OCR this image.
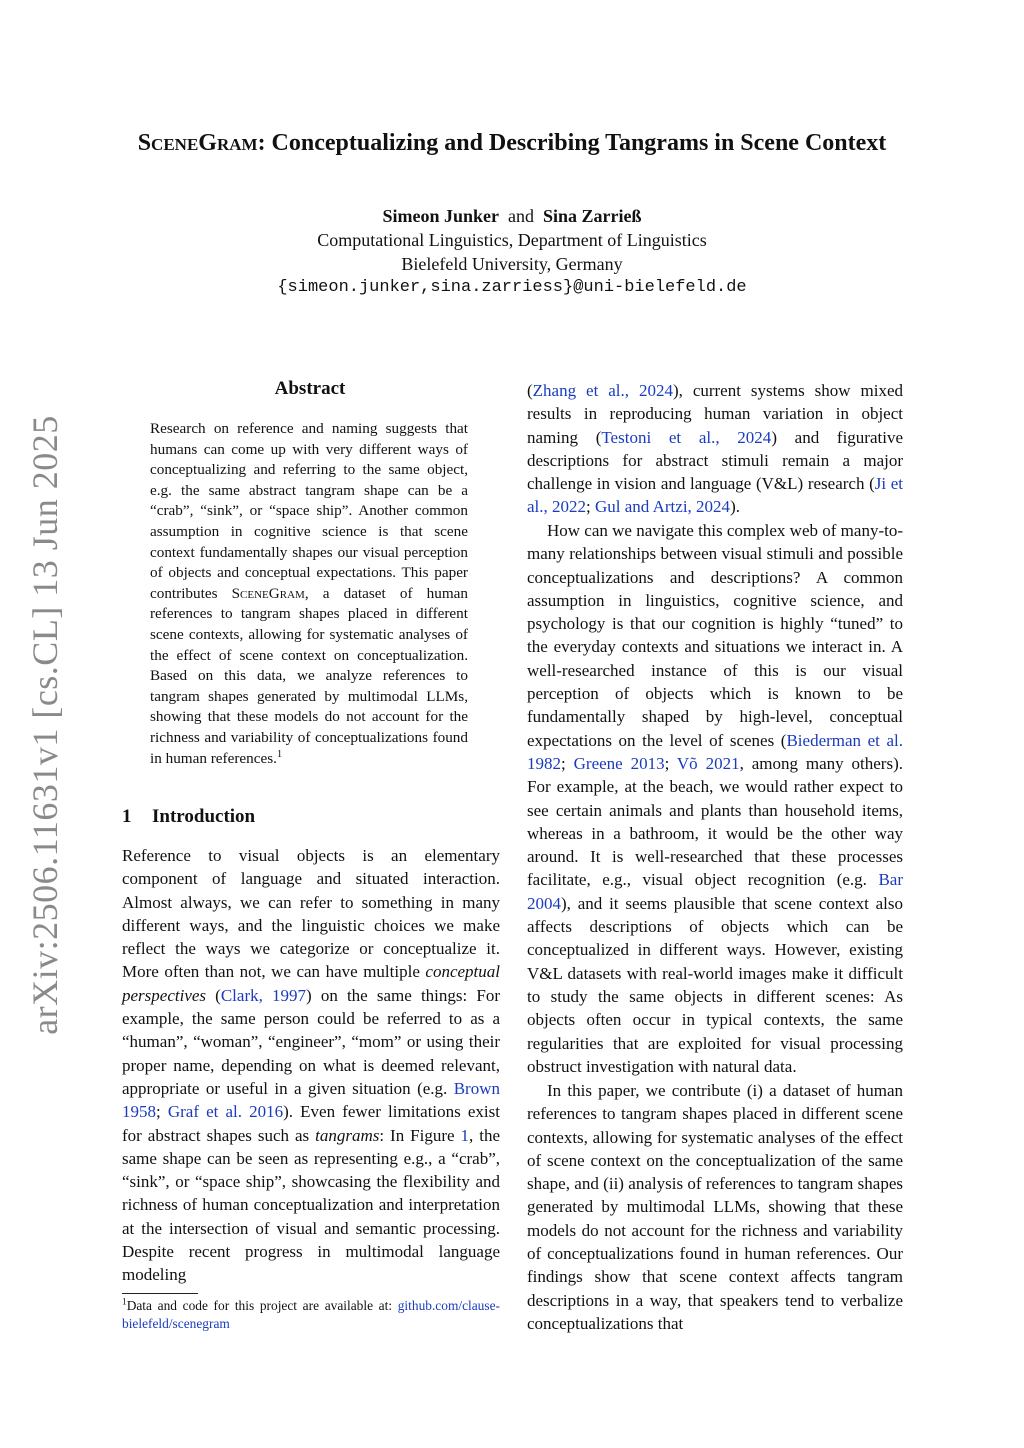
arXiv:2506.11631v1 [cs.CL] 13 Jun 2025
SceneGram: Conceptualizing and Describing Tangrams in Scene Context
Simeon Junker and Sina Zarrieß
Computational Linguistics, Department of Linguistics
Bielefeld University, Germany
{simeon.junker,sina.zarriess}@uni-bielefeld.de
Abstract
Research on reference and naming suggests that humans can come up with very different ways of conceptualizing and referring to the same object, e.g. the same abstract tangram shape can be a “crab”, “sink”, or “space ship”. Another common assumption in cognitive science is that scene context fundamentally shapes our visual perception of objects and conceptual expectations. This paper contributes SceneGram, a dataset of human references to tangram shapes placed in different scene contexts, allowing for systematic analyses of the effect of scene context on conceptualization. Based on this data, we analyze references to tangram shapes generated by multimodal LLMs, showing that these models do not account for the richness and variability of conceptualizations found in human references.$^1$
1 Introduction
Reference to visual objects is an elementary component of language and situated interaction. Almost always, we can refer to something in many different ways, and the linguistic choices we make reflect the ways we categorize or conceptualize it. More often than not, we can have multiple conceptual perspectives (Clark, 1997) on the same things: For example, the same person could be referred to as a “human”, “woman”, “engineer”, “mom” or using their proper name, depending on what is deemed relevant, appropriate or useful in a given situation (e.g. Brown 1958; Graf et al. 2016). Even fewer limitations exist for abstract shapes such as tangrams: In Figure 1, the same shape can be seen as representing e.g., a “crab”, “sink”, or “space ship”, showcasing the flexibility and richness of human conceptualization and interpretation at the intersection of visual and semantic processing. Despite recent progress in multimodal language modeling
$^1$Data and code for this project are available at: github.com/clause-bielefeld/scenegram
(Zhang et al., 2024), current systems show mixed results in reproducing human variation in object naming (Testoni et al., 2024) and figurative descriptions for abstract stimuli remain a major challenge in vision and language (V&L) research (Ji et al., 2022; Gul and Artzi, 2024).
How can we navigate this complex web of many-to-many relationships between visual stimuli and possible conceptualizations and descriptions? A common assumption in linguistics, cognitive science, and psychology is that our cognition is highly “tuned” to the everyday contexts and situations we interact in. A well-researched instance of this is our visual perception of objects which is known to be fundamentally shaped by high-level, conceptual expectations on the level of scenes (Biederman et al. 1982; Greene 2013; Võ 2021, among many others). For example, at the beach, we would rather expect to see certain animals and plants than household items, whereas in a bathroom, it would be the other way around. It is well-researched that these processes facilitate, e.g., visual object recognition (e.g. Bar 2004), and it seems plausible that scene context also affects descriptions of objects which can be conceptualized in different ways. However, existing V&L datasets with real-world images make it difficult to study the same objects in different scenes: As objects often occur in typical contexts, the same regularities that are exploited for visual processing obstruct investigation with natural data.
In this paper, we contribute (i) a dataset of human references to tangram shapes placed in different scene contexts, allowing for systematic analyses of the effect of scene context on the conceptualization of the same shape, and (ii) analysis of references to tangram shapes generated by multimodal LLMs, showing that these models do not account for the richness and variability of conceptualizations found in human references. Our findings show that scene context affects tangram descriptions in a way, that speakers tend to verbalize conceptualizations that
